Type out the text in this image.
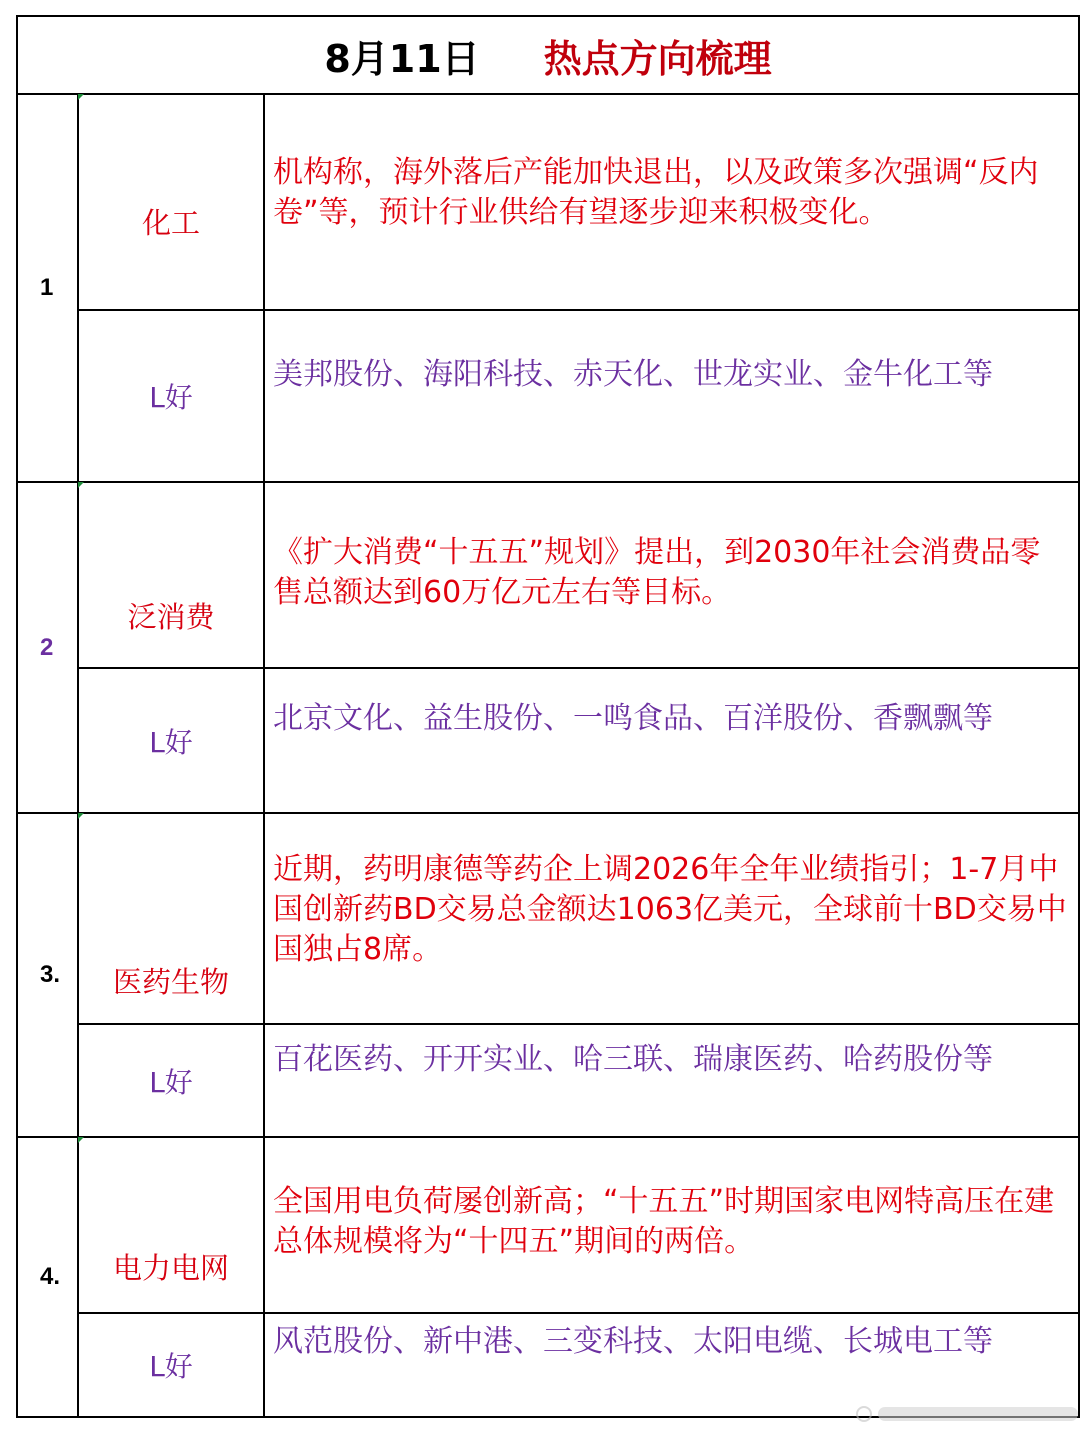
8月11日 热点方向梳理		
1	化工	机构称，海外落后产能加快退出，以及政策多次强调“反内卷”等，预计行业供给有望逐步迎来积极变化。
	L好	美邦股份、海阳科技、赤天化、世龙实业、金牛化工等
2	泛消费	《扩大消费“十五五”规划》提出，到2030年社会消费品零售总额达到60万亿元左右等目标。
	L好	北京文化、益生股份、一鸣食品、百洋股份、香飘飘等
3.	医药生物	近期，药明康德等药企上调2026年全年业绩指引；1-7月中国创新药BD交易总金额达1063亿美元，全球前十BD交易中国独占8席。
	L好	百花医药、开开实业、哈三联、瑞康医药、哈药股份等
4.	电力电网	全国用电负荷屡创新高；“十五五”时期国家电网特高压在建总体规模将为“十四五”期间的两倍。
	L好	风范股份、新中港、三变科技、太阳电缆、长城电工等
